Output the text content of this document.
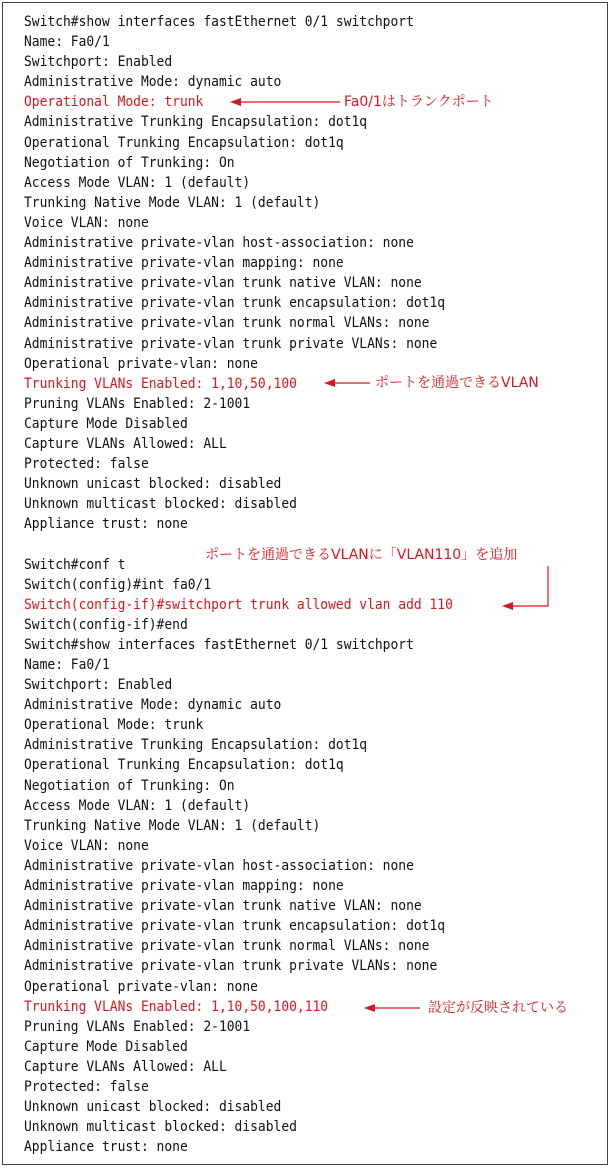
Switch#show interfaces fastEthernet 0/1 switchport
Name: Fa0/1
Switchport: Enabled
Administrative Mode: dynamic auto
Operational Mode: trunk
Administrative Trunking Encapsulation: dot1q
Operational Trunking Encapsulation: dot1q
Negotiation of Trunking: On
Access Mode VLAN: 1 (default)
Trunking Native Mode VLAN: 1 (default)
Voice VLAN: none
Administrative private-vlan host-association: none
Administrative private-vlan mapping: none
Administrative private-vlan trunk native VLAN: none
Administrative private-vlan trunk encapsulation: dot1q
Administrative private-vlan trunk normal VLANs: none
Administrative private-vlan trunk private VLANs: none
Operational private-vlan: none
Trunking VLANs Enabled: 1,10,50,100
Pruning VLANs Enabled: 2-1001
Capture Mode Disabled
Capture VLANs Allowed: ALL
Protected: false
Unknown unicast blocked: disabled
Unknown multicast blocked: disabled
Appliance trust: none
Switch#conf t
Switch(config)#int fa0/1
Switch(config-if)#switchport trunk allowed vlan add 110
Switch(config-if)#end
Switch#show interfaces fastEthernet 0/1 switchport
Name: Fa0/1
Switchport: Enabled
Administrative Mode: dynamic auto
Operational Mode: trunk
Administrative Trunking Encapsulation: dot1q
Operational Trunking Encapsulation: dot1q
Negotiation of Trunking: On
Access Mode VLAN: 1 (default)
Trunking Native Mode VLAN: 1 (default)
Voice VLAN: none
Administrative private-vlan host-association: none
Administrative private-vlan mapping: none
Administrative private-vlan trunk native VLAN: none
Administrative private-vlan trunk encapsulation: dot1q
Administrative private-vlan trunk normal VLANs: none
Administrative private-vlan trunk private VLANs: none
Operational private-vlan: none
Trunking VLANs Enabled: 1,10,50,100,110
Pruning VLANs Enabled: 2-1001
Capture Mode Disabled
Capture VLANs Allowed: ALL
Protected: false
Unknown unicast blocked: disabled
Unknown multicast blocked: disabled
Appliance trust: none
Fa0/1はトランクポート
ポートを通過できるVLAN
ポートを通過できるVLANに「VLAN110」を追加
設定が反映されている
